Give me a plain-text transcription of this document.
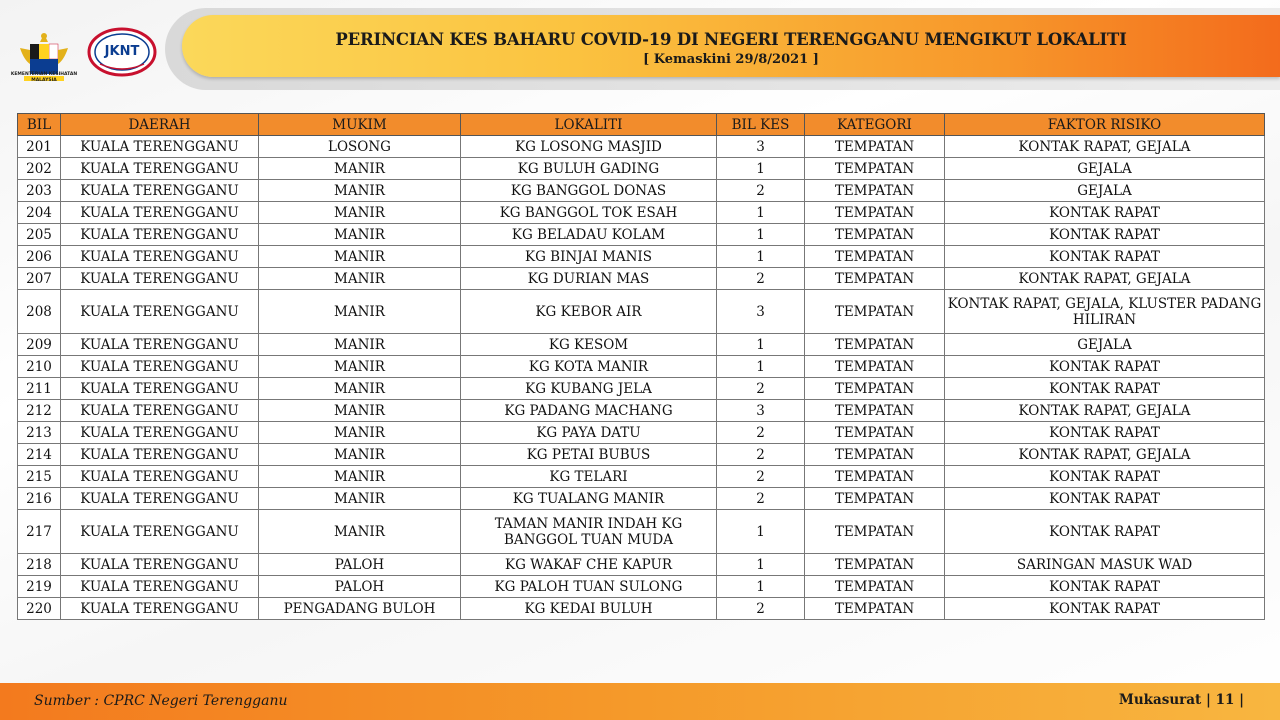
KEMENTERIAN KESIHATAN MALAYSIA
JKNT
PERINCIAN KES BAHARU COVID-19 DI NEGERI TERENGGANU MENGIKUT LOKALITI
[ Kemaskini 29/8/2021 ]
BIL	DAERAH	MUKIM	LOKALITI	BIL KES	KATEGORI	FAKTOR RISIKO
201	KUALA TERENGGANU	LOSONG	KG LOSONG MASJID	3	TEMPATAN	KONTAK RAPAT, GEJALA
202	KUALA TERENGGANU	MANIR	KG BULUH GADING	1	TEMPATAN	GEJALA
203	KUALA TERENGGANU	MANIR	KG BANGGOL DONAS	2	TEMPATAN	GEJALA
204	KUALA TERENGGANU	MANIR	KG BANGGOL TOK ESAH	1	TEMPATAN	KONTAK RAPAT
205	KUALA TERENGGANU	MANIR	KG BELADAU KOLAM	1	TEMPATAN	KONTAK RAPAT
206	KUALA TERENGGANU	MANIR	KG BINJAI MANIS	1	TEMPATAN	KONTAK RAPAT
207	KUALA TERENGGANU	MANIR	KG DURIAN MAS	2	TEMPATAN	KONTAK RAPAT, GEJALA
208	KUALA TERENGGANU	MANIR	KG KEBOR AIR	3	TEMPATAN	KONTAK RAPAT, GEJALA, KLUSTER PADANG HILIRAN
209	KUALA TERENGGANU	MANIR	KG KESOM	1	TEMPATAN	GEJALA
210	KUALA TERENGGANU	MANIR	KG KOTA MANIR	1	TEMPATAN	KONTAK RAPAT
211	KUALA TERENGGANU	MANIR	KG KUBANG JELA	2	TEMPATAN	KONTAK RAPAT
212	KUALA TERENGGANU	MANIR	KG PADANG MACHANG	3	TEMPATAN	KONTAK RAPAT, GEJALA
213	KUALA TERENGGANU	MANIR	KG PAYA DATU	2	TEMPATAN	KONTAK RAPAT
214	KUALA TERENGGANU	MANIR	KG PETAI BUBUS	2	TEMPATAN	KONTAK RAPAT, GEJALA
215	KUALA TERENGGANU	MANIR	KG TELARI	2	TEMPATAN	KONTAK RAPAT
216	KUALA TERENGGANU	MANIR	KG TUALANG MANIR	2	TEMPATAN	KONTAK RAPAT
217	KUALA TERENGGANU	MANIR	TAMAN MANIR INDAH KG BANGGOL TUAN MUDA	1	TEMPATAN	KONTAK RAPAT
218	KUALA TERENGGANU	PALOH	KG WAKAF CHE KAPUR	1	TEMPATAN	SARINGAN MASUK WAD
219	KUALA TERENGGANU	PALOH	KG PALOH TUAN SULONG	1	TEMPATAN	KONTAK RAPAT
220	KUALA TERENGGANU	PENGADANG BULOH	KG KEDAI BULUH	2	TEMPATAN	KONTAK RAPAT
Sumber : CPRC Negeri Terengganu	Mukasurat | 11 |
